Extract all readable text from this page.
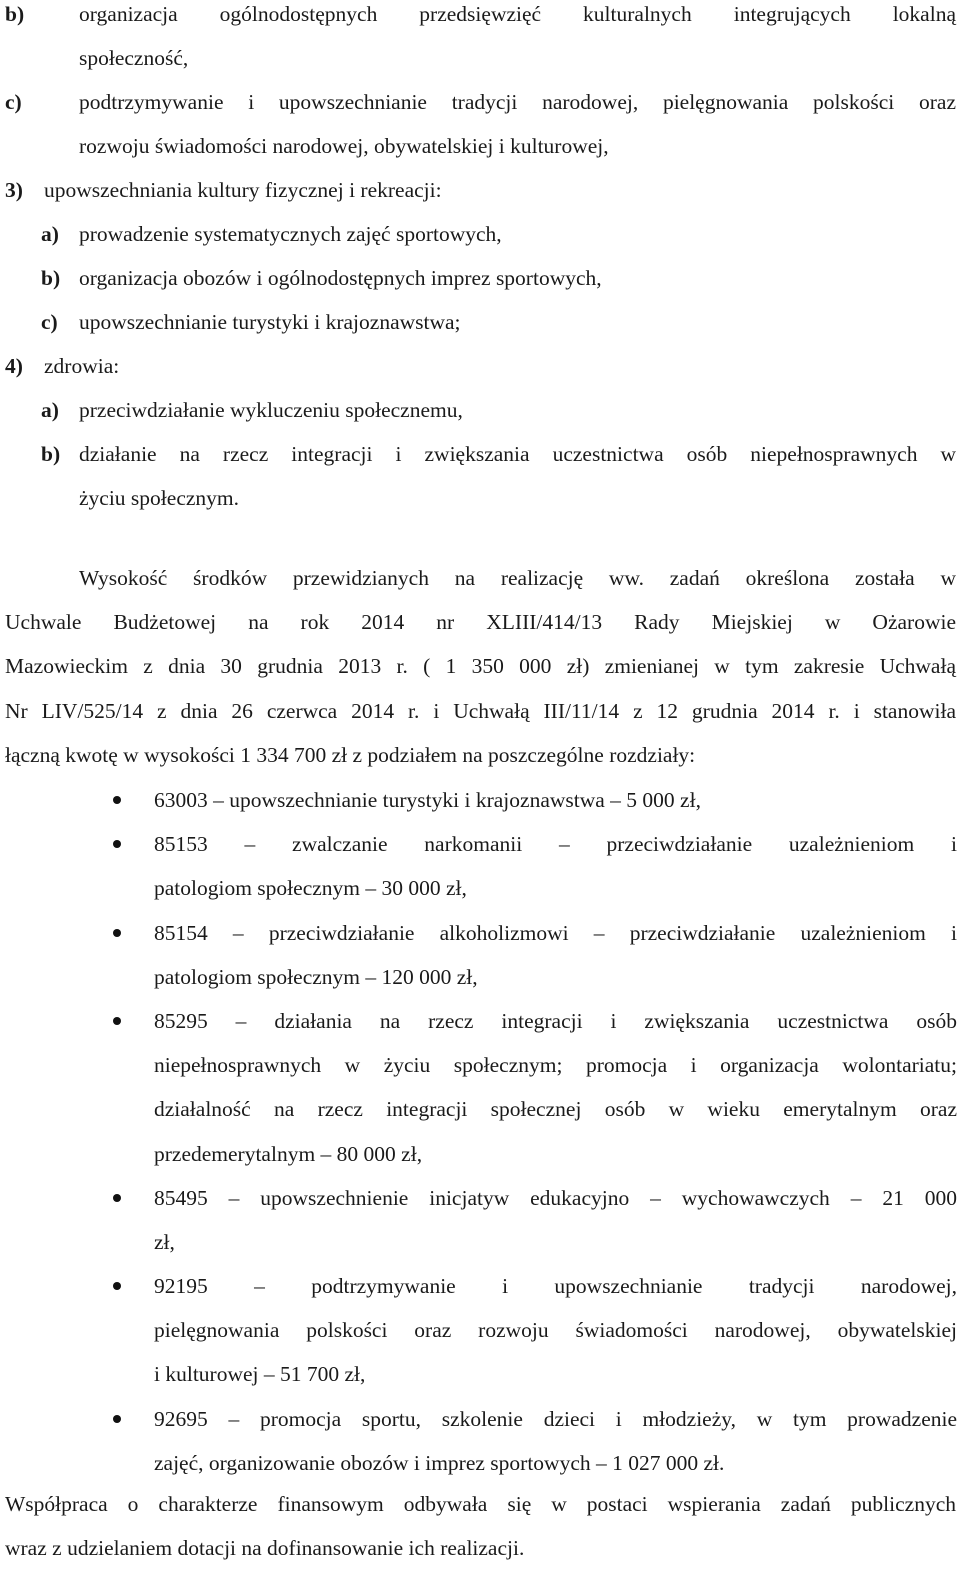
b)	organizacja ogólnodostępnych przedsięwzięć kulturalnych integrujących lokalną
społeczność,
c)	podtrzymywanie i upowszechnianie tradycji narodowej, pielęgnowania polskości oraz
rozwoju świadomości narodowej, obywatelskiej i kulturowej,
3) upowszechniania kultury fizycznej i rekreacji:
a) prowadzenie systematycznych zajęć sportowych,
b) organizacja obozów i ogólnodostępnych imprez sportowych,
c) upowszechnianie turystyki i krajoznawstwa;
4) zdrowia:
a) przeciwdziałanie wykluczeniu społecznemu,
b) działanie na rzecz integracji i zwiększania uczestnictwa osób niepełnosprawnych w
życiu społecznym.
Wysokość środków przewidzianych na realizację ww. zadań określona została w
Uchwale Budżetowej na rok 2014 nr XLIII/414/13 Rady Miejskiej w Ożarowie
Mazowieckim z dnia 30 grudnia 2013 r. ( 1 350 000 zł) zmienianej w tym zakresie Uchwałą
Nr LIV/525/14 z dnia 26 czerwca 2014 r. i Uchwałą III/11/14 z 12 grudnia 2014 r. i stanowiła
łączną kwotę w wysokości 1 334 700 zł z podziałem na poszczególne rozdziały:
63003 – upowszechnianie turystyki i krajoznawstwa – 5 000 zł,
85153 – zwalczanie narkomanii – przeciwdziałanie uzależnieniom i
patologiom społecznym – 30 000 zł,
85154 – przeciwdziałanie alkoholizmowi – przeciwdziałanie uzależnieniom i
patologiom społecznym – 120 000 zł,
85295 – działania na rzecz integracji i zwiększania uczestnictwa osób
niepełnosprawnych w życiu społecznym; promocja i organizacja wolontariatu;
działalność na rzecz integracji społecznej osób w wieku emerytalnym oraz
przedemerytalnym – 80 000 zł,
85495 – upowszechnienie inicjatyw edukacyjno – wychowawczych – 21 000
zł,
92195 – podtrzymywanie i upowszechnianie tradycji narodowej,
pielęgnowania polskości oraz rozwoju świadomości narodowej, obywatelskiej
i kulturowej – 51 700 zł,
92695 – promocja sportu, szkolenie dzieci i młodzieży, w tym prowadzenie
zajęć, organizowanie obozów i imprez sportowych – 1 027 000 zł.
Współpraca o charakterze finansowym odbywała się w postaci wspierania zadań publicznych
wraz z udzielaniem dotacji na dofinansowanie ich realizacji.
